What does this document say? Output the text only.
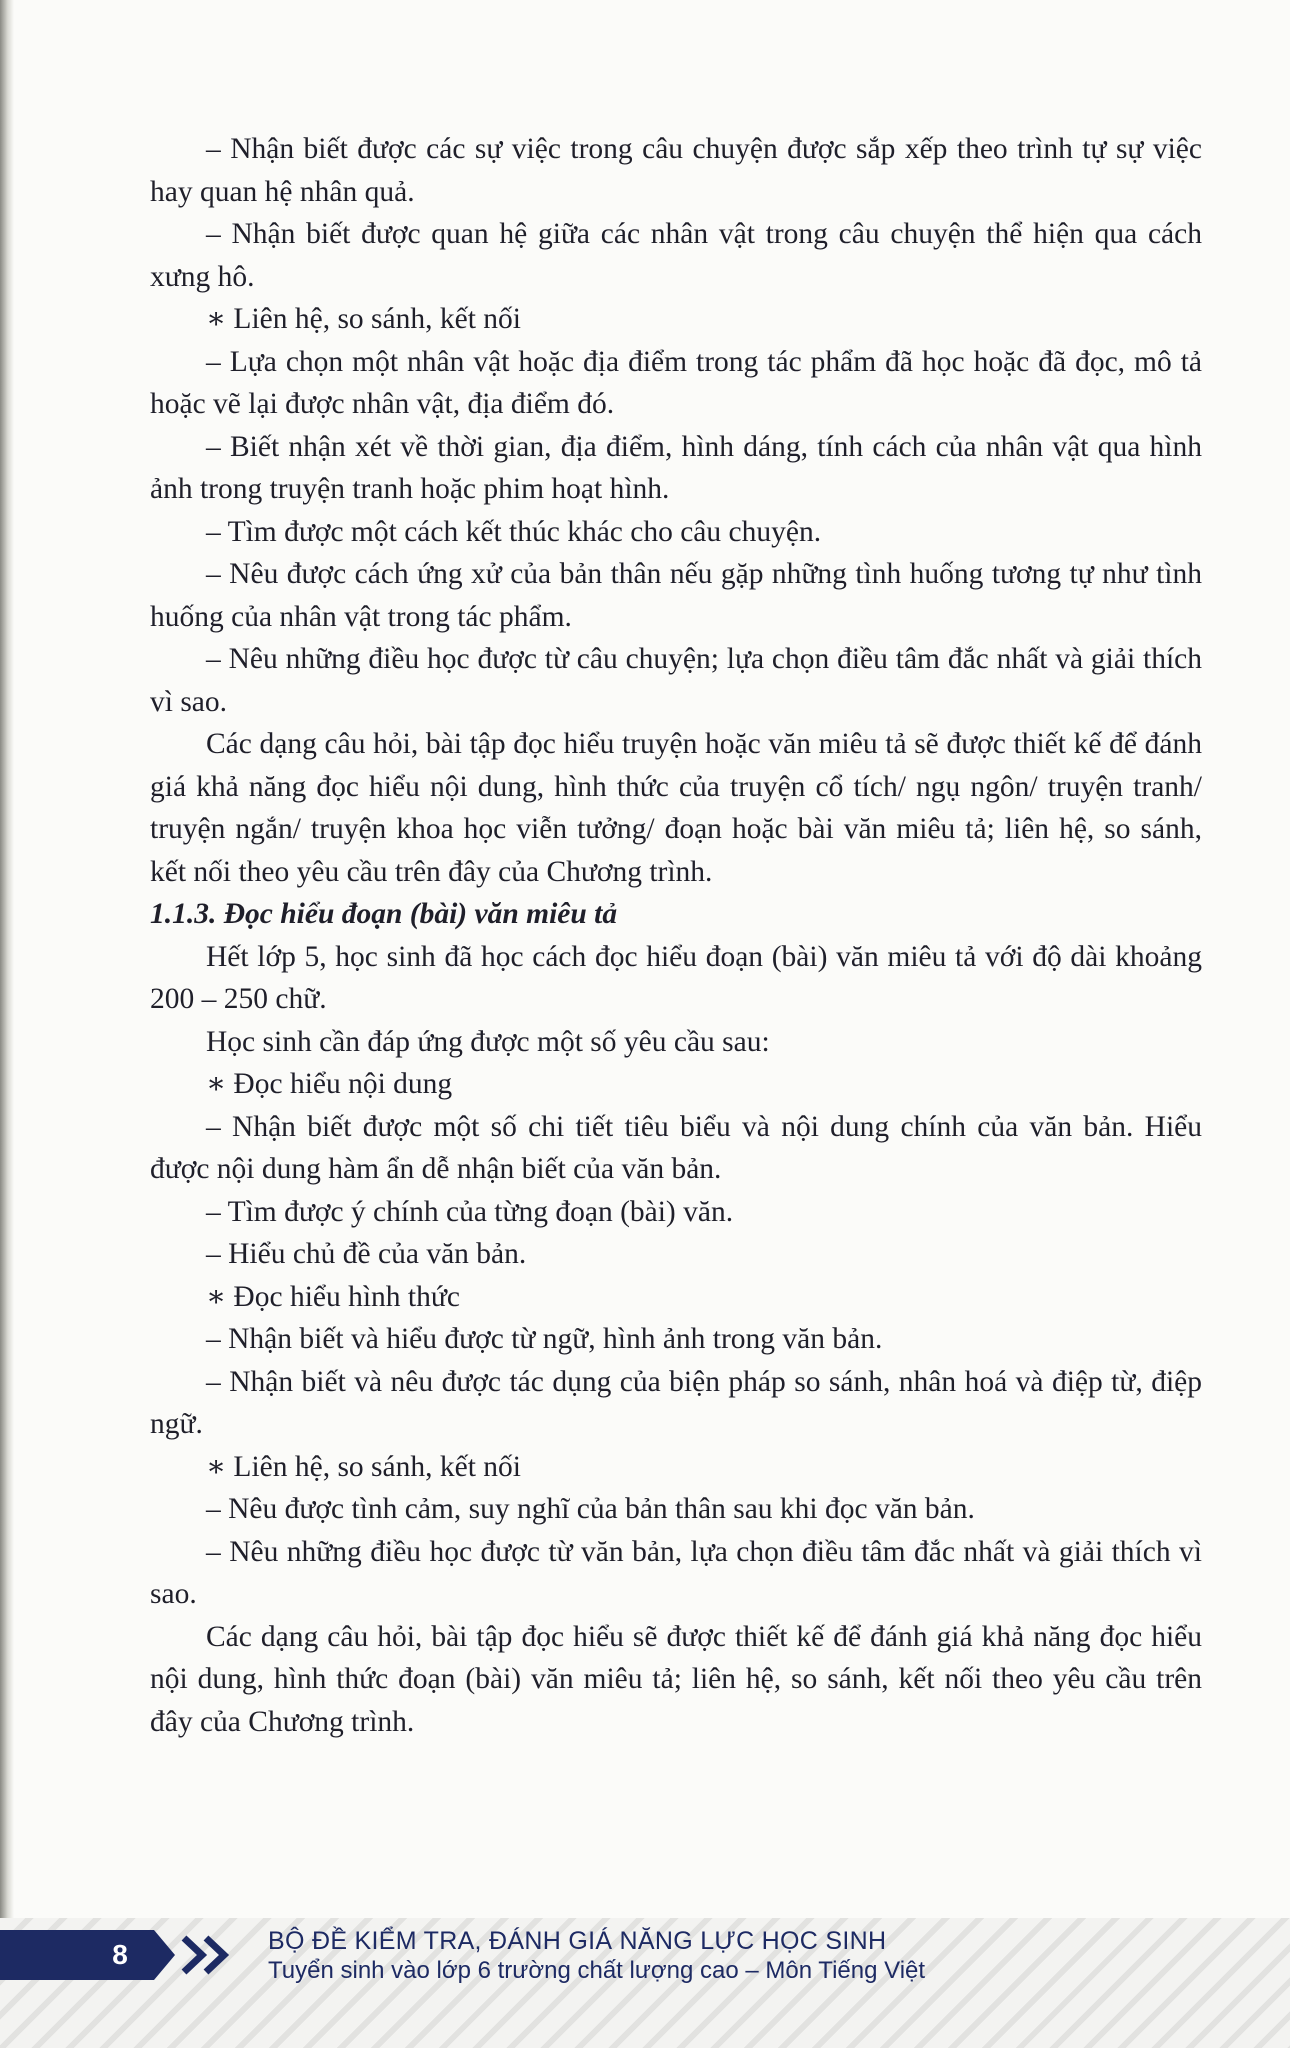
– Nhận biết được các sự việc trong câu chuyện được sắp xếp theo trình tự sự việc hay quan hệ nhân quả.

– Nhận biết được quan hệ giữa các nhân vật trong câu chuyện thể hiện qua cách xưng hô.

∗ Liên hệ, so sánh, kết nối

– Lựa chọn một nhân vật hoặc địa điểm trong tác phẩm đã học hoặc đã đọc, mô tả hoặc vẽ lại được nhân vật, địa điểm đó.

– Biết nhận xét về thời gian, địa điểm, hình dáng, tính cách của nhân vật qua hình ảnh trong truyện tranh hoặc phim hoạt hình.

– Tìm được một cách kết thúc khác cho câu chuyện.

– Nêu được cách ứng xử của bản thân nếu gặp những tình huống tương tự như tình huống của nhân vật trong tác phẩm.

– Nêu những điều học được từ câu chuyện; lựa chọn điều tâm đắc nhất và giải thích vì sao.

Các dạng câu hỏi, bài tập đọc hiểu truyện hoặc văn miêu tả sẽ được thiết kế để đánh giá khả năng đọc hiểu nội dung, hình thức của truyện cổ tích/ ngụ ngôn/ truyện tranh/ truyện ngắn/ truyện khoa học viễn tưởng/ đoạn hoặc bài văn miêu tả; liên hệ, so sánh, kết nối theo yêu cầu trên đây của Chương trình.

1.1.3. Đọc hiểu đoạn (bài) văn miêu tả

Hết lớp 5, học sinh đã học cách đọc hiểu đoạn (bài) văn miêu tả với độ dài khoảng 200 – 250 chữ.

Học sinh cần đáp ứng được một số yêu cầu sau:

∗ Đọc hiểu nội dung

– Nhận biết được một số chi tiết tiêu biểu và nội dung chính của văn bản. Hiểu được nội dung hàm ẩn dễ nhận biết của văn bản.

– Tìm được ý chính của từng đoạn (bài) văn.

– Hiểu chủ đề của văn bản.

∗ Đọc hiểu hình thức

– Nhận biết và hiểu được từ ngữ, hình ảnh trong văn bản.

– Nhận biết và nêu được tác dụng của biện pháp so sánh, nhân hoá và điệp từ, điệp ngữ.

∗ Liên hệ, so sánh, kết nối

– Nêu được tình cảm, suy nghĩ của bản thân sau khi đọc văn bản.

– Nêu những điều học được từ văn bản, lựa chọn điều tâm đắc nhất và giải thích vì sao.

Các dạng câu hỏi, bài tập đọc hiểu sẽ được thiết kế để đánh giá khả năng đọc hiểu nội dung, hình thức đoạn (bài) văn miêu tả; liên hệ, so sánh, kết nối theo yêu cầu trên đây của Chương trình.

8	BỘ ĐỀ KIỂM TRA, ĐÁNH GIÁ NĂNG LỰC HỌC SINH
Tuyển sinh vào lớp 6 trường chất lượng cao – Môn Tiếng Việt
